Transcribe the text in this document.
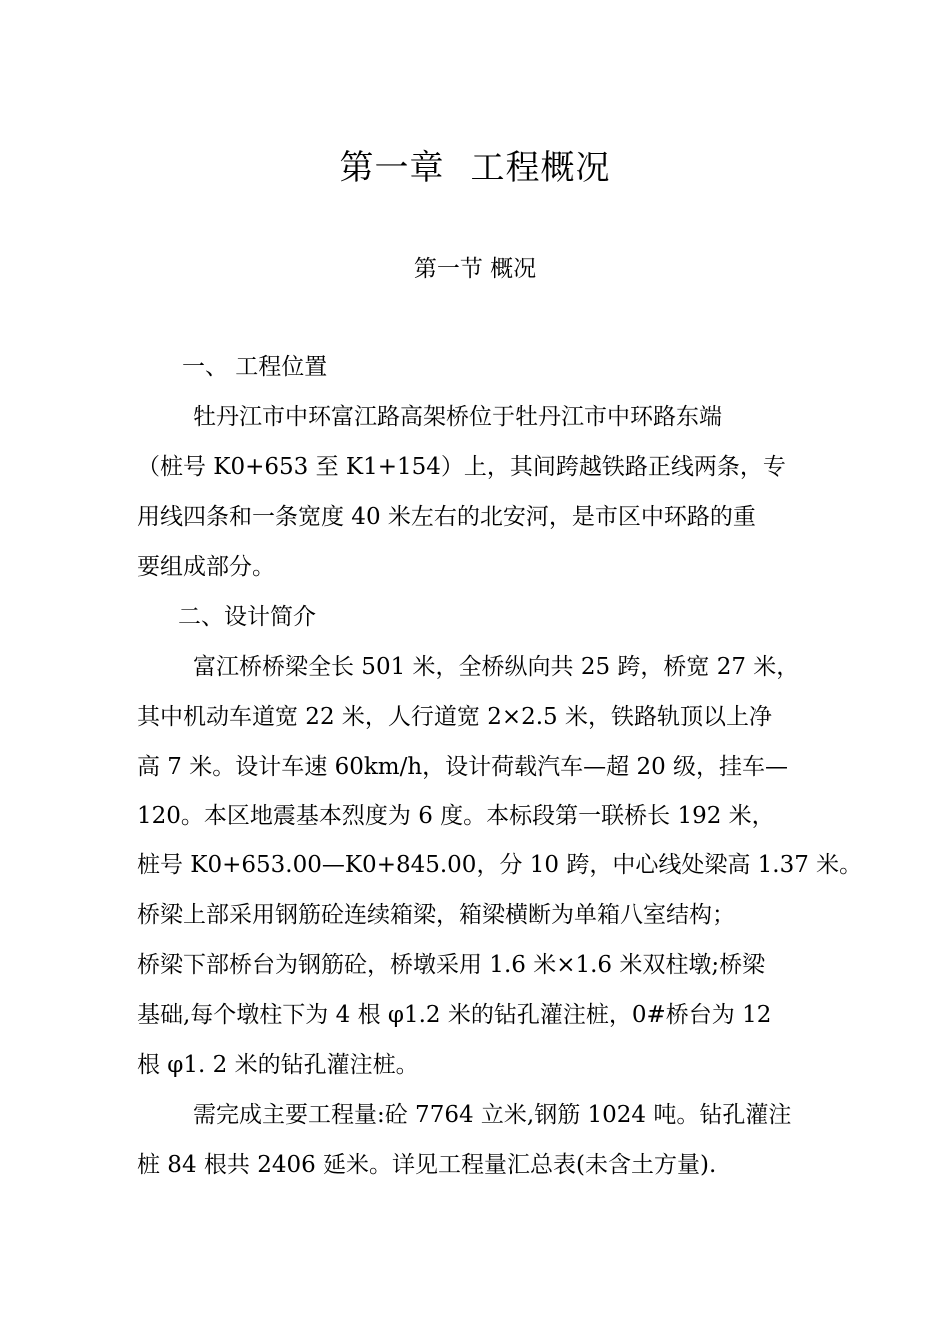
第一章 工程概况
第一节 概况
一、 工程位置
牡丹江市中环富江路高架桥位于牡丹江市中环路东端
（桩号 K0+653 至 K1+154）上，其间跨越铁路正线两条，专
用线四条和一条宽度 40 米左右的北安河，是市区中环路的重
要组成部分。
二、设计简介
富江桥桥梁全长 501 米，全桥纵向共 25 跨，桥宽 27 米，
其中机动车道宽 22 米，人行道宽 2×2.5 米，铁路轨顶以上净
高 7 米。设计车速 60km/h，设计荷载汽车—超 20 级，挂车—
120。本区地震基本烈度为 6 度。本标段第一联桥长 192 米，
桩号 K0+653.00—K0+845.00，分 10 跨，中心线处梁高 1.37 米。
桥梁上部采用钢筋砼连续箱梁，箱梁横断为单箱八室结构；
桥梁下部桥台为钢筋砼，桥墩采用 1.6 米×1.6 米双柱墩;桥梁
基础,每个墩柱下为 4 根 φ1.2 米的钻孔灌注桩，0#桥台为 12
根 φ1. 2 米的钻孔灌注桩。
需完成主要工程量:砼 7764 立米,钢筋 1024 吨。钻孔灌注
桩 84 根共 2406 延米。详见工程量汇总表(未含土方量).
